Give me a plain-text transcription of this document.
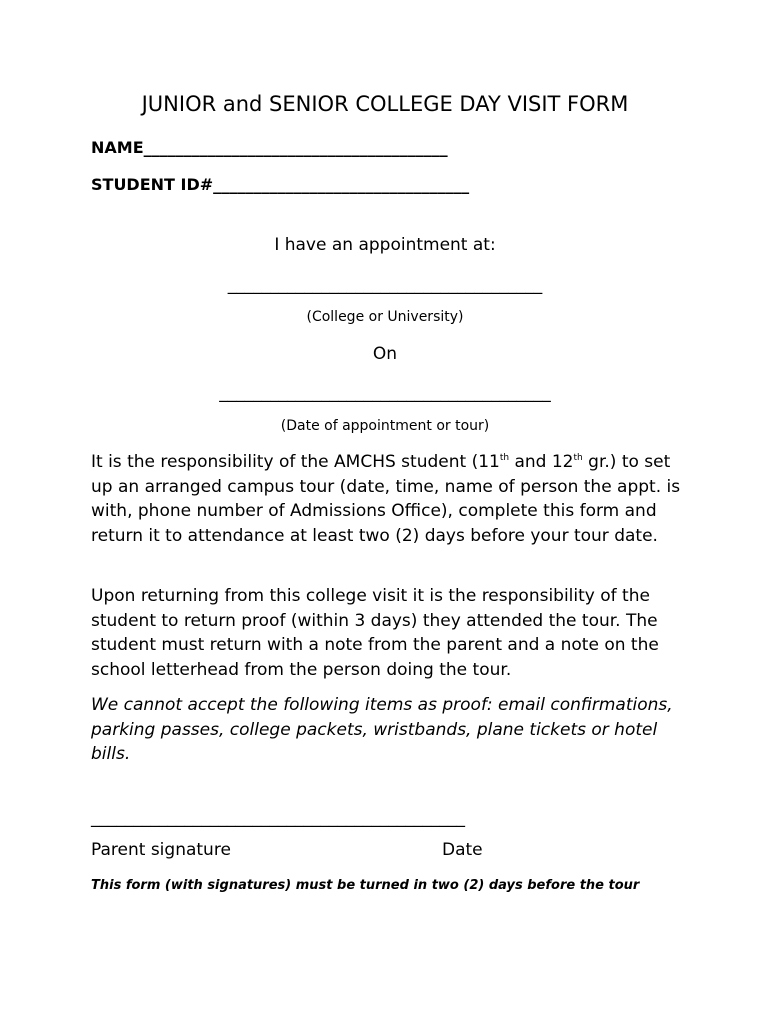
JUNIOR and SENIOR COLLEGE DAY VISIT FORM
NAME______________________________________
STUDENT ID#________________________________
I have an appointment at:
_____________________________________
(College or University)
On
_______________________________________
(Date of appointment or tour)
It is the responsibility of the AMCHS student (11th and 12th gr.) to set up an arranged campus tour (date, time, name of person the appt. is with, phone number of Admissions Office), complete this form and return it to attendance at least two (2) days before your tour date.
Upon returning from this college visit it is the responsibility of the student to return proof (within 3 days) they attended the tour. The student must return with a note from the parent and a note on the school letterhead from the person doing the tour.
We cannot accept the following items as proof: email confirmations, parking passes, college packets, wristbands, plane tickets or hotel bills.
____________________________________________
Parent signature	Date
This form (with signatures) must be turned in two (2) days before the tour
